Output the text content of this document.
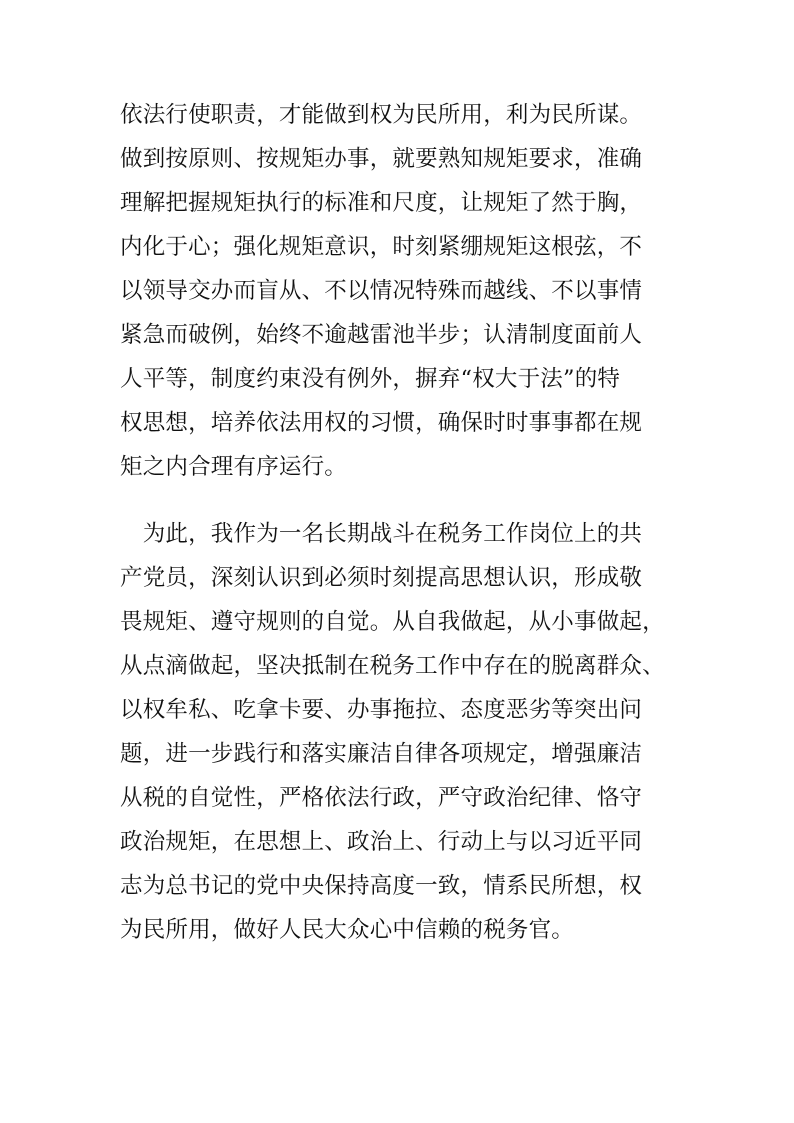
依法行使职责，才能做到权为民所用，利为民所谋。
做到按原则、按规矩办事，就要熟知规矩要求，准确
理解把握规矩执行的标准和尺度，让规矩了然于胸，
内化于心；强化规矩意识，时刻紧绷规矩这根弦，不
以领导交办而盲从、不以情况特殊而越线、不以事情
紧急而破例，始终不逾越雷池半步；认清制度面前人
人平等，制度约束没有例外，摒弃“权大于法”的特
权思想，培养依法用权的习惯，确保时时事事都在规
矩之内合理有序运行。
　为此，我作为一名长期战斗在税务工作岗位上的共
产党员，深刻认识到必须时刻提高思想认识，形成敬
畏规矩、遵守规则的自觉。从自我做起，从小事做起，
从点滴做起，坚决抵制在税务工作中存在的脱离群众、
以权牟私、吃拿卡要、办事拖拉、态度恶劣等突出问
题，进一步践行和落实廉洁自律各项规定，增强廉洁
从税的自觉性，严格依法行政，严守政治纪律、恪守
政治规矩，在思想上、政治上、行动上与以习近平同
志为总书记的党中央保持高度一致，情系民所想，权
为民所用，做好人民大众心中信赖的税务官。
